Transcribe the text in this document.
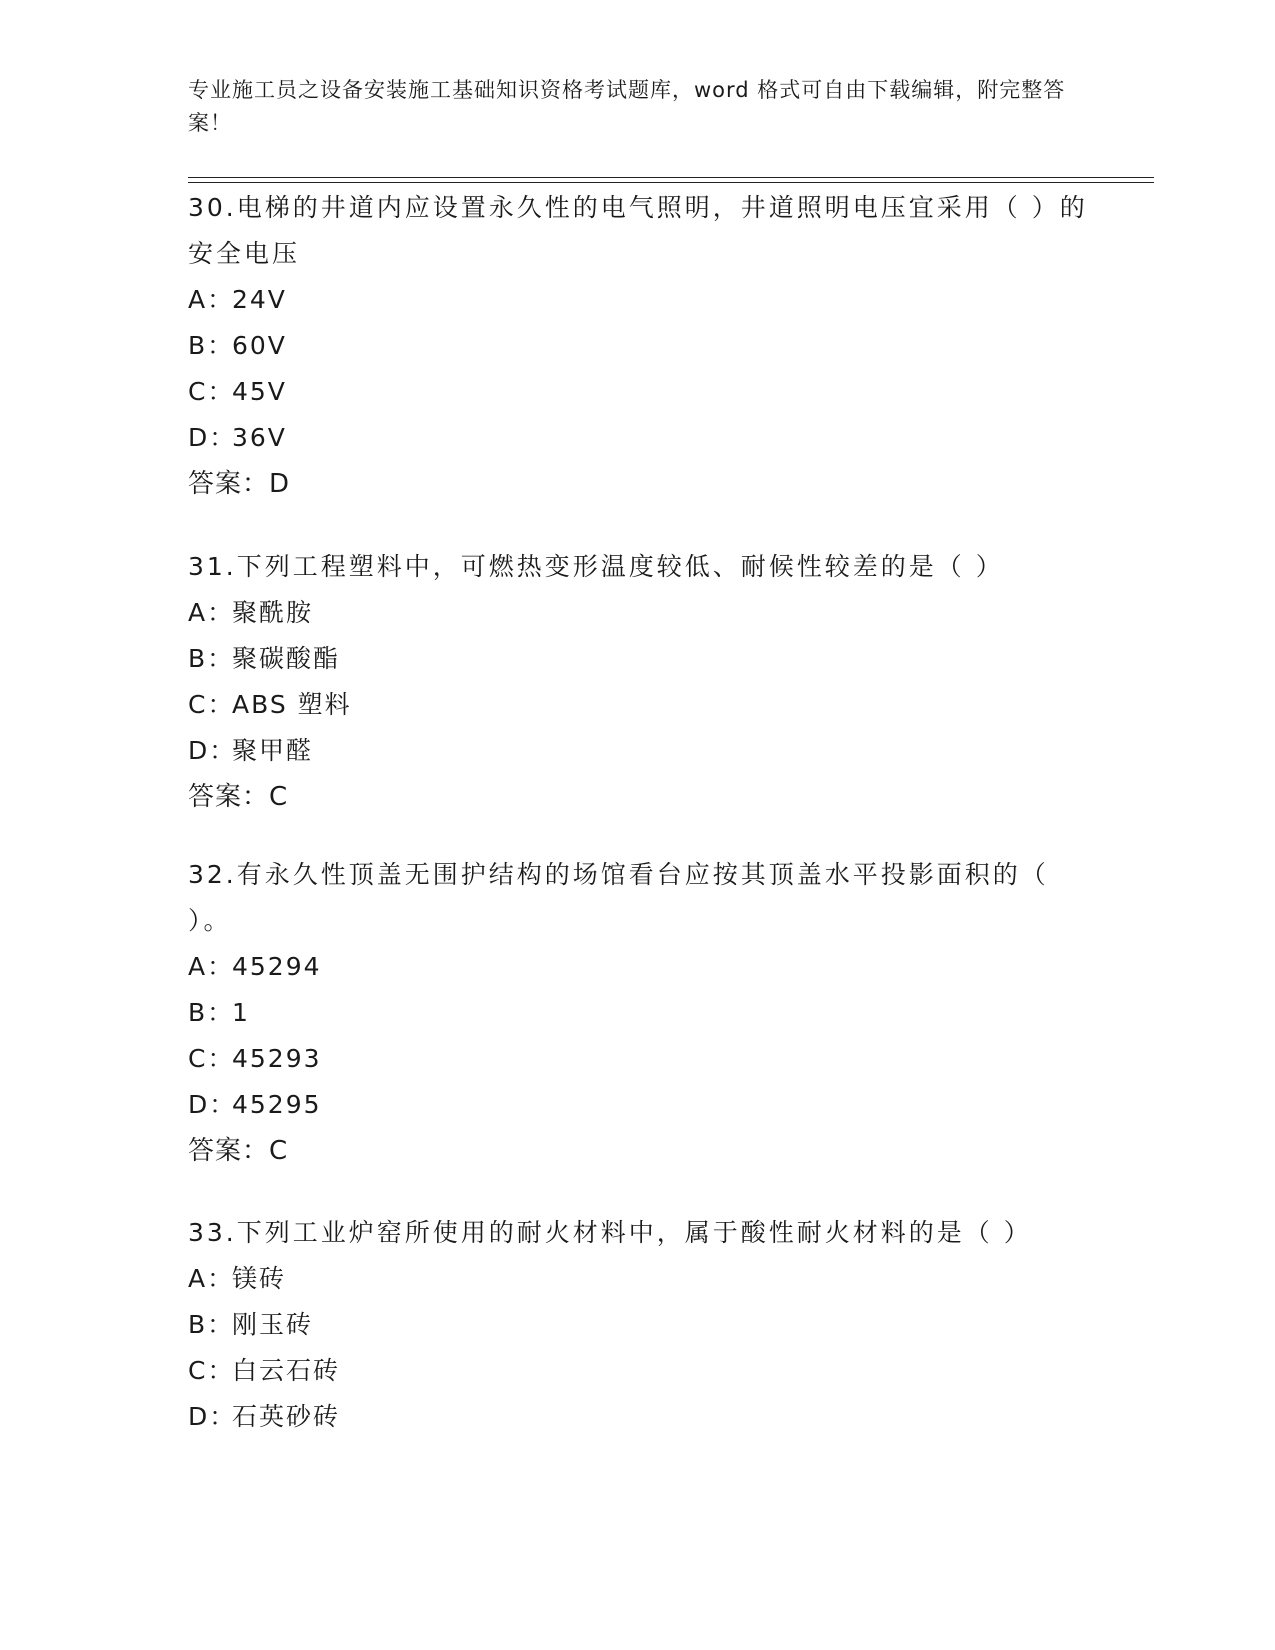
专业施工员之设备安装施工基础知识资格考试题库，word 格式可自由下载编辑，附完整答案！

30.电梯的井道内应设置永久性的电气照明，井道照明电压宜采用（ ）的安全电压

A：24V
B：60V
C：45V
D：36V
答案：D

31.下列工程塑料中，可燃热变形温度较低、耐候性较差的是（ ）

A：聚酰胺
B：聚碳酸酯
C：ABS 塑料
D：聚甲醛
答案：C

32.有永久性顶盖无围护结构的场馆看台应按其顶盖水平投影面积的（ ）。

A：45294
B：1
C：45293
D：45295
答案：C

33.下列工业炉窑所使用的耐火材料中，属于酸性耐火材料的是（ ）

A：镁砖
B：刚玉砖
C：白云石砖
D：石英砂砖
